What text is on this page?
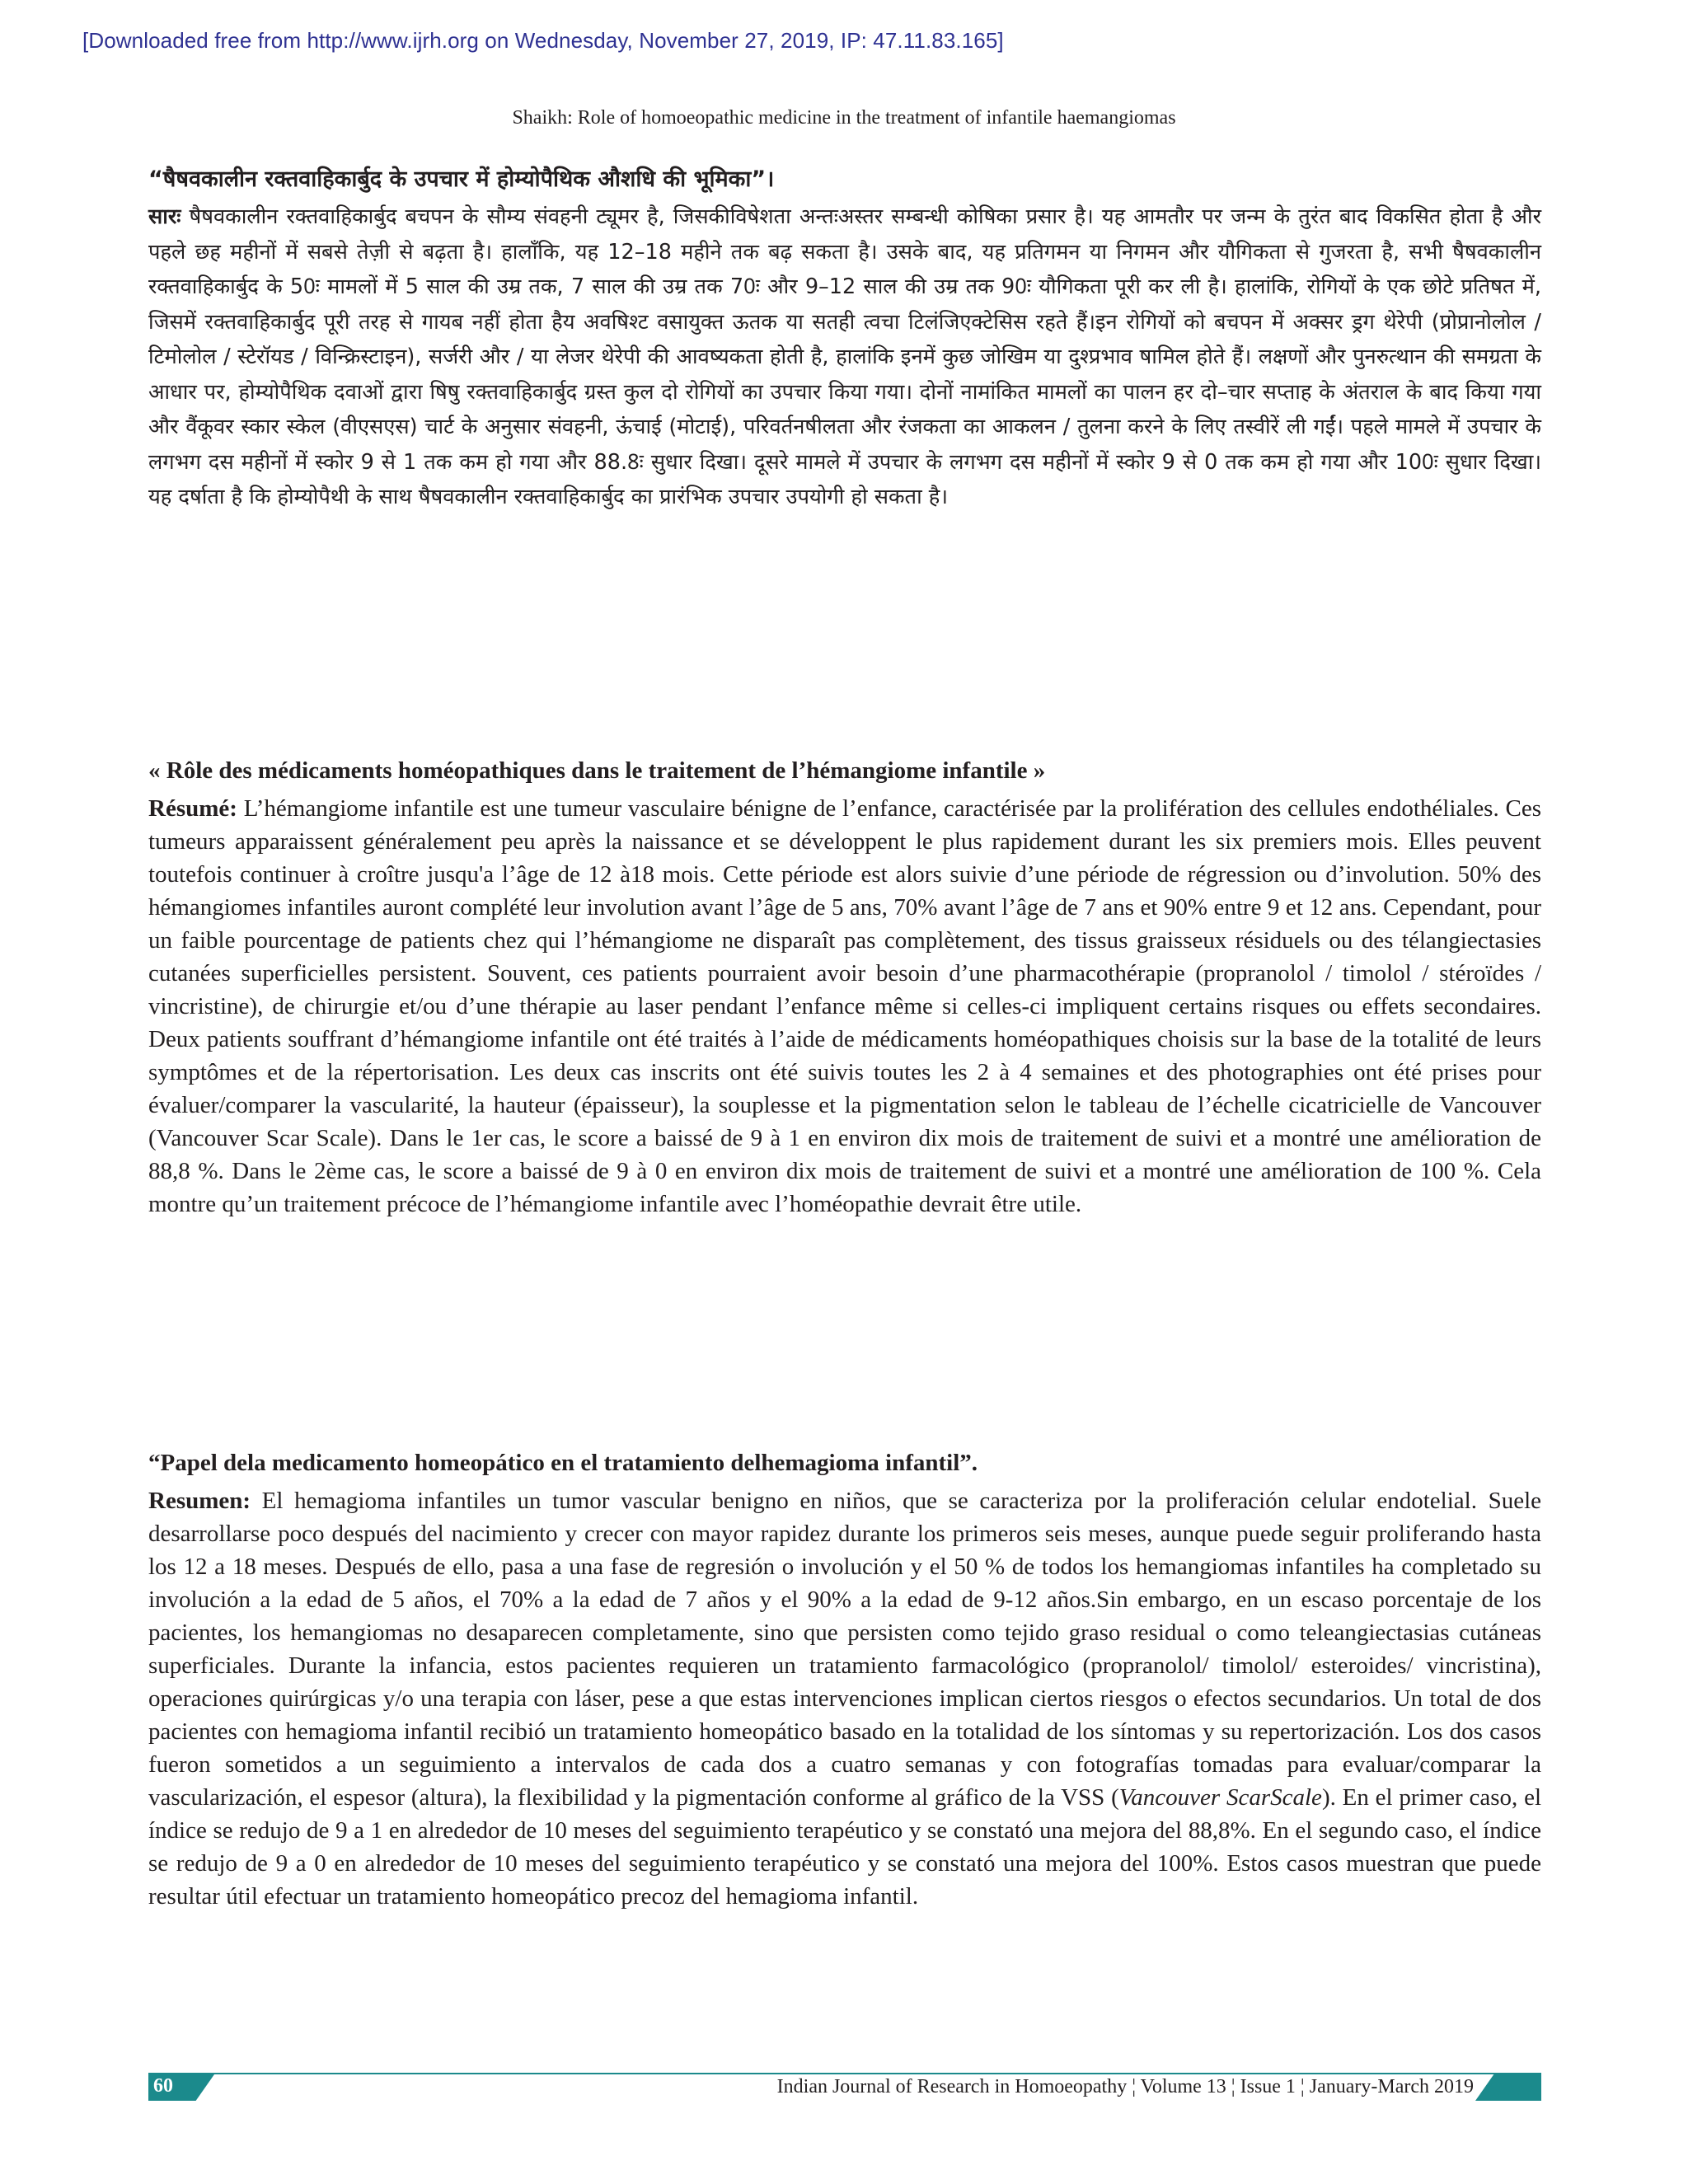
[Downloaded free from http://www.ijrh.org on Wednesday, November 27, 2019, IP: 47.11.83.165]
Shaikh: Role of homoeopathic medicine in the treatment of infantile haemangiomas

“षैषवकालीन रक्तवाहिकार्बुद के उपचार में होम्योपैथिक औशधि की भूमिका”।

सारः षैषवकालीन रक्तवाहिकार्बुद बचपन के सौम्य संवहनी ट्यूमर है, जिसकीविषेशता अन्तःअस्तर सम्बन्धी कोषिका प्रसार है। यह आमतौर पर जन्म के तुरंत बाद विकसित होता है और पहले छह महीनों में सबसे तेज़ी से बढ़ता है। हालाँकि, यह 12–18 महीने तक बढ़ सकता है। उसके बाद, यह प्रतिगमन या निगमन और यौगिकता से गुजरता है, सभी षैषवकालीन रक्तवाहिकार्बुद के 50ः मामलों में 5 साल की उम्र तक, 7 साल की उम्र तक 70ः और 9–12 साल की उम्र तक 90ः यौगिकता पूरी कर ली है। हालांकि, रोगियों के एक छोटे प्रतिषत में, जिसमें रक्तवाहिकार्बुद पूरी तरह से गायब नहीं होता हैय अवषिश्ट वसायुक्त ऊतक या सतही त्वचा टिलंजिएक्टेसिस रहते हैं।इन रोगियों को बचपन में अक्सर ड्रग थेरेपी (प्रोप्रानोलोल / टिमोलोल / स्टेरॉयड / विन्क्रिस्टाइन), सर्जरी और / या लेजर थेरेपी की आवष्यकता होती है, हालांकि इनमें कुछ जोखिम या दुश्प्रभाव षामिल होते हैं। लक्षणों और पुनरुत्थान की समग्रता के आधार पर, होम्योपैथिक दवाओं द्वारा षिषु रक्तवाहिकार्बुद ग्रस्त कुल दो रोगियों का उपचार किया गया। दोनों नामांकित मामलों का पालन हर दो–चार सप्ताह के अंतराल के बाद किया गया और वैंकूवर स्कार स्केल (वीएसएस) चार्ट के अनुसार संवहनी, ऊंचाई (मोटाई), परिवर्तनषीलता और रंजकता का आकलन / तुलना करने के लिए तस्वीरें ली गईं। पहले मामले में उपचार के लगभग दस महीनों में स्कोर 9 से 1 तक कम हो गया और 88.8ः सुधार दिखा। दूसरे मामले में उपचार के लगभग दस महीनों में स्कोर 9 से 0 तक कम हो गया और 100ः सुधार दिखा। यह दर्षाता है कि होम्योपैथी के साथ षैषवकालीन रक्तवाहिकार्बुद का प्रारंभिक उपचार उपयोगी हो सकता है।

« Rôle des médicaments homéopathiques dans le traitement de l’hémangiome infantile »

Résumé: L’hémangiome infantile est une tumeur vasculaire bénigne de l’enfance, caractérisée par la prolifération des cellules endothéliales. Ces tumeurs apparaissent généralement peu après la naissance et se développent le plus rapidement durant les six premiers mois. Elles peuvent toutefois continuer à croître jusqu'a l’âge de 12 à18 mois. Cette période est alors suivie d’une période de régression ou d’involution. 50% des hémangiomes infantiles auront complété leur involution avant l’âge de 5 ans, 70% avant l’âge de 7 ans et 90% entre 9 et 12 ans. Cependant, pour un faible pourcentage de patients chez qui l’hémangiome ne disparaît pas complètement, des tissus graisseux résiduels ou des télangiectasies cutanées superficielles persistent. Souvent, ces patients pourraient avoir besoin d’une pharmacothérapie (propranolol / timolol / stéroïdes / vincristine), de chirurgie et/ou d’une thérapie au laser pendant l’enfance même si celles-ci impliquent certains risques ou effets secondaires. Deux patients souffrant d’hémangiome infantile ont été traités à l’aide de médicaments homéopathiques choisis sur la base de la totalité de leurs symptômes et de la répertorisation. Les deux cas inscrits ont été suivis toutes les 2 à 4 semaines et des photographies ont été prises pour évaluer/comparer la vascularité, la hauteur (épaisseur), la souplesse et la pigmentation selon le tableau de l’échelle cicatricielle de Vancouver (Vancouver Scar Scale). Dans le 1er cas, le score a baissé de 9 à 1 en environ dix mois de traitement de suivi et a montré une amélioration de 88,8 %. Dans le 2ème cas, le score a baissé de 9 à 0 en environ dix mois de traitement de suivi et a montré une amélioration de 100 %. Cela montre qu’un traitement précoce de l’hémangiome infantile avec l’homéopathie devrait être utile.

“Papel dela medicamento homeopático en el tratamiento delhemagioma infantil”.

Resumen: El hemagioma infantiles un tumor vascular benigno en niños, que se caracteriza por la proliferación celular endotelial. Suele desarrollarse poco después del nacimiento y crecer con mayor rapidez durante los primeros seis meses, aunque puede seguir proliferando hasta los 12 a 18 meses. Después de ello, pasa a una fase de regresión o involución y el 50 % de todos los hemangiomas infantiles ha completado su involución a la edad de 5 años, el 70% a la edad de 7 años y el 90% a la edad de 9-12 años.Sin embargo, en un escaso porcentaje de los pacientes, los hemangiomas no desaparecen completamente, sino que persisten como tejido graso residual o como teleangiectasias cutáneas superficiales. Durante la infancia, estos pacientes requieren un tratamiento farmacológico (propranolol/ timolol/ esteroides/ vincristina), operaciones quirúrgicas y/o una terapia con láser, pese a que estas intervenciones implican ciertos riesgos o efectos secundarios. Un total de dos pacientes con hemagioma infantil recibió un tratamiento homeopático basado en la totalidad de los síntomas y su repertorización. Los dos casos fueron sometidos a un seguimiento a intervalos de cada dos a cuatro semanas y con fotografías tomadas para evaluar/comparar la vascularización, el espesor (altura), la flexibilidad y la pigmentación conforme al gráfico de la VSS (Vancouver ScarScale). En el primer caso, el índice se redujo de 9 a 1 en alrededor de 10 meses del seguimiento terapéutico y se constató una mejora del 88,8%. En el segundo caso, el índice se redujo de 9 a 0 en alrededor de 10 meses del seguimiento terapéutico y se constató una mejora del 100%. Estos casos muestran que puede resultar útil efectuar un tratamiento homeopático precoz del hemagioma infantil.

60	Indian Journal of Research in Homoeopathy ¦ Volume 13 ¦ Issue 1 ¦ January-March 2019
